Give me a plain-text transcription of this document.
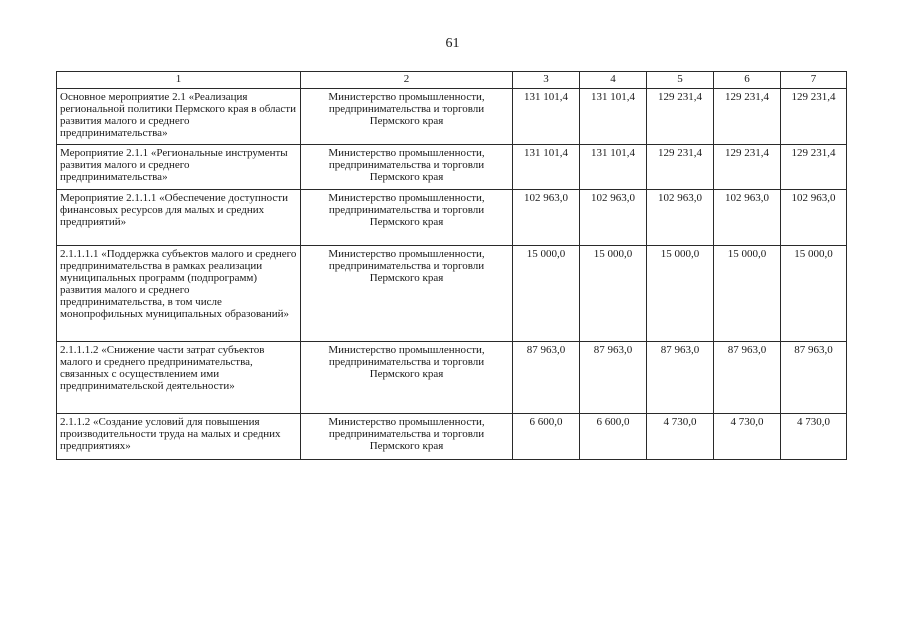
61
1	2	3	4	5	6	7
Основное мероприятие 2.1 «Реализация региональной политики Пермского края в области развития малого и среднего предпринимательства»	Министерство промышленности, предпринимательства и торговли Пермского края	131 101,4	131 101,4	129 231,4	129 231,4	129 231,4
Мероприятие 2.1.1 «Региональные инструменты развития малого и среднего предпринимательства»	Министерство промышленности, предпринимательства и торговли Пермского края	131 101,4	131 101,4	129 231,4	129 231,4	129 231,4
Мероприятие 2.1.1.1 «Обеспечение доступности финансовых ресурсов для малых и средних предприятий»	Министерство промышленности, предпринимательства и торговли Пермского края	102 963,0	102 963,0	102 963,0	102 963,0	102 963,0
2.1.1.1.1 «Поддержка субъектов малого и среднего предпринимательства в рамках реализации муниципальных программ (подпрограмм) развития малого и среднего предпринимательства, в том числе монопрофильных муниципальных образований»	Министерство промышленности, предпринимательства и торговли Пермского края	15 000,0	15 000,0	15 000,0	15 000,0	15 000,0
2.1.1.1.2 «Снижение части затрат субъектов малого и среднего предпринимательства, связанных с осуществлением ими предпринимательской деятельности»	Министерство промышленности, предпринимательства и торговли Пермского края	87 963,0	87 963,0	87 963,0	87 963,0	87 963,0
2.1.1.2 «Создание условий для повышения производительности труда на малых и средних предприятиях»	Министерство промышленности, предпринимательства и торговли Пермского края	6 600,0	6 600,0	4 730,0	4 730,0	4 730,0
